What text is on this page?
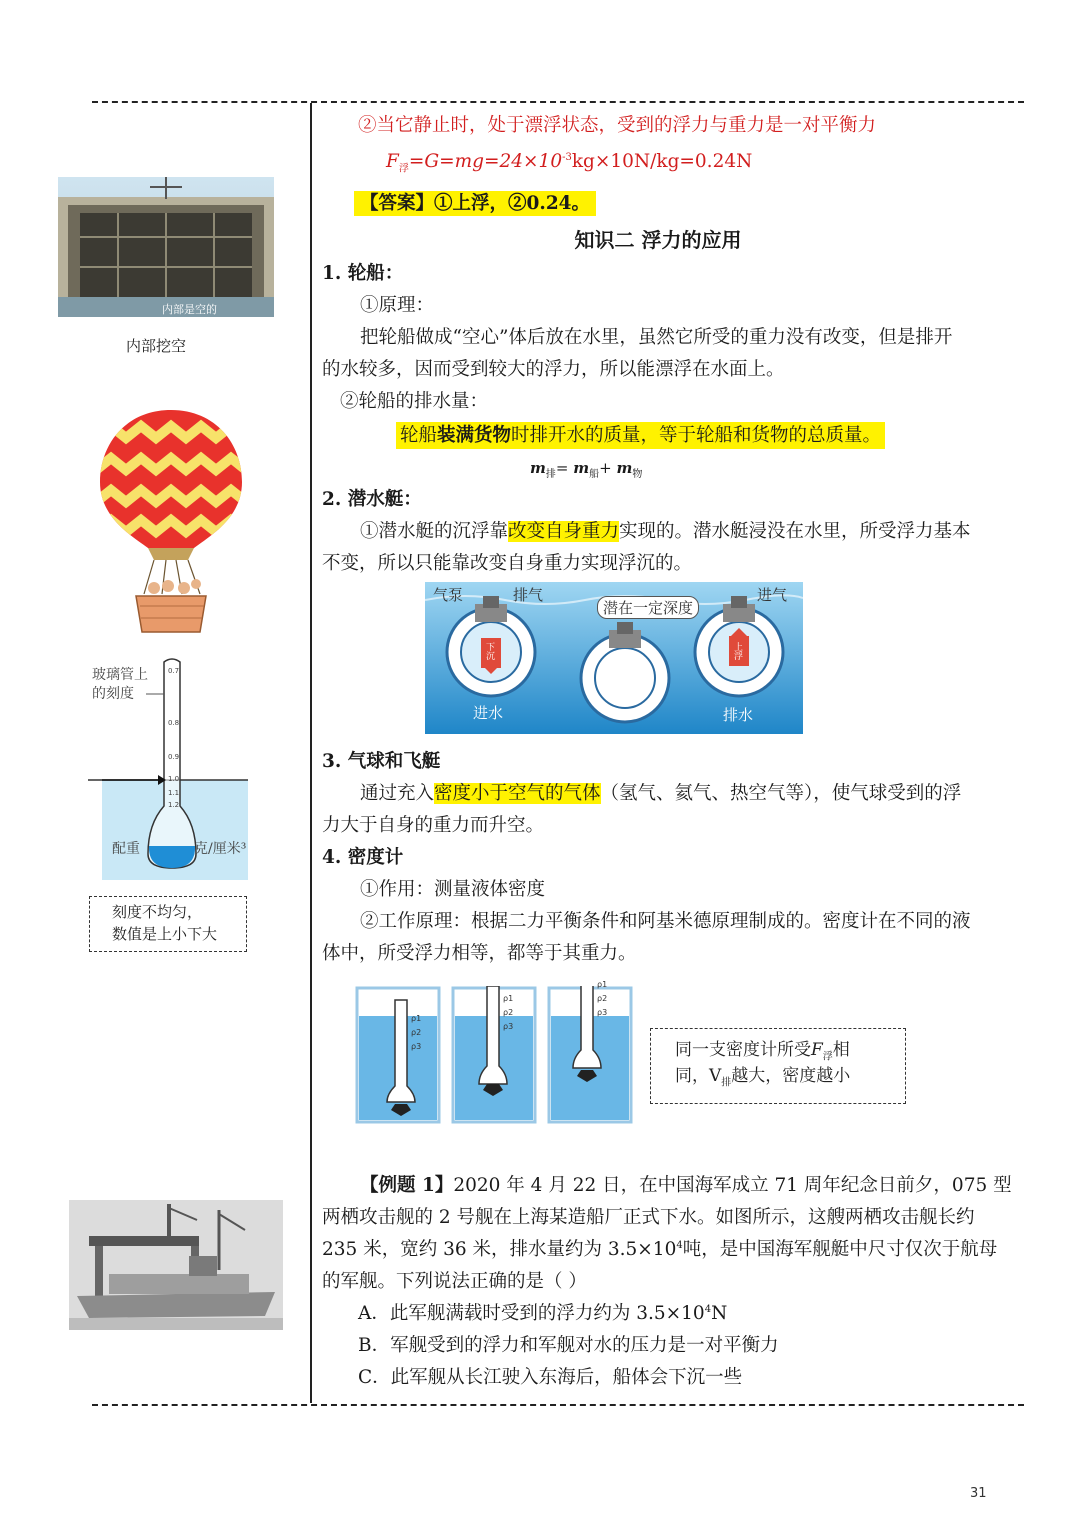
内部是空的
内部挖空
0.7
0.8
0.9
1.0
1.1
1.2
玻璃管上
的刻度
配重	克/厘米³
刻度不均匀，
数值是上小下大

②当它静止时，处于漂浮状态，受到的浮力与重力是一对平衡力

$F_浮=G=mg=24\times 10^{-3}kg\times 10N/kg=0.24N$

【答案】①上浮，②0.24。

知识二 浮力的应用

1. 轮船：

①原理：

把轮船做成“空心”体后放在水里，虽然它所受的重力没有改变，但是排开

的水较多，因而受到较大的浮力，所以能漂浮在水面上。

②轮船的排水量：

轮船装满货物时排开水的质量，等于轮船和货物的总质量。

$m_排= m_船+ m_物$

2. 潜水艇：

①潜水艇的沉浮靠改变自身重力实现的。潜水艇浸没在水里，所受浮力基本

不变，所以只能靠改变自身重力实现浮沉的。

气泵	排气
潜在一定深度
进气
进水
下沉	上浮
排水

3. 气球和飞艇

通过充入密度小于空气的气体（氢气、氦气、热空气等），使气球受到的浮

力大于自身的重力而升空。

4. 密度计

①作用：测量液体密度

②工作原理：根据二力平衡条件和阿基米德原理制成的。密度计在不同的液

体中，所受浮力相等，都等于其重力。

ρ1
ρ2
ρ3
ρ1
ρ2
ρ3
ρ1
ρ2
ρ3
同一支密度计所受$F_浮$相
同，$V_排$越大，密度越小

【例题 1】2020 年 4 月 22 日，在中国海军成立 71 周年纪念日前夕，075 型

两栖攻击舰的 2 号舰在上海某造船厂正式下水。如图所示，这艘两栖攻击舰长约

235 米，宽约 36 米，排水量约为 $3.5\times 10^4$吨，是中国海军舰艇中尺寸仅次于航母

的军舰。下列说法正确的是（ ）

A．此军舰满载时受到的浮力约为 $3.5\times 10^4N$

B．军舰受到的浮力和军舰对水的压力是一对平衡力

C．此军舰从长江驶入东海后，船体会下沉一些

31
